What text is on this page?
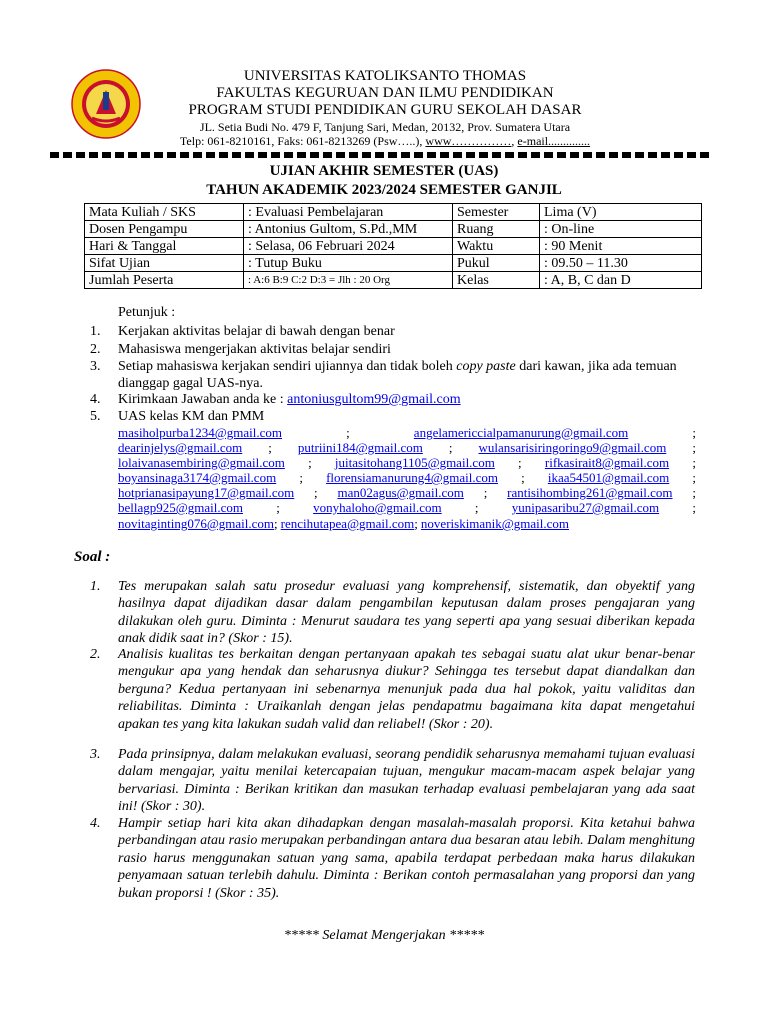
UNIVERSITAS KATOLIKSANTO THOMAS
FAKULTAS KEGURUAN DAN ILMU PENDIDIKAN
PROGRAM STUDI PENDIDIKAN GURU SEKOLAH DASAR
JL. Setia Budi No. 479 F, Tanjung Sari, Medan, 20132, Prov. Sumatera Utara
Telp: 061-8210161, Faks: 061-8213269 (Psw…..), www……………, e-mail..............
UJIAN AKHIR SEMESTER (UAS)
TAHUN AKADEMIK 2023/2024 SEMESTER GANJIL
Mata Kuliah / SKS	: Evaluasi Pembelajaran	Semester	Lima (V)
Dosen Pengampu	: Antonius Gultom, S.Pd.,MM	Ruang	: On-line
Hari & Tanggal	: Selasa, 06 Februari 2024	Waktu	: 90 Menit
Sifat Ujian	: Tutup Buku	Pukul	: 09.50 – 11.30
Jumlah Peserta	: A:6 B:9 C:2 D:3 = Jlh : 20 Org	Kelas	: A, B, C dan D
Petunjuk :
1. Kerjakan aktivitas belajar di bawah dengan benar
2. Mahasiswa mengerjakan aktivitas belajar sendiri
3. Setiap mahasiswa kerjakan sendiri ujiannya dan tidak boleh copy paste dari kawan, jika ada temuan dianggap gagal UAS-nya.
4. Kirimkaan Jawaban anda ke : antoniusgultom99@gmail.com
5. UAS kelas KM dan PMM
masiholpurba1234@gmail.com	;	angelamericcialpamanurung@gmail.com	;
dearinjelys@gmail.com ; putriini184@gmail.com ; wulansarisiringoringo9@gmail.com ;
lolaivanasembiring@gmail.com ; juitasitohang1105@gmail.com ; rifkasirait8@gmail.com ;
boyansinaga3174@gmail.com ; florensiamanurung4@gmail.com ; ikaa54501@gmail.com ;
hotprianasipayung17@gmail.com ; man02agus@gmail.com ; rantisihombing261@gmail.com ;
bellagp925@gmail.com	;	vonyhaloho@gmail.com	;	yunipasaribu27@gmail.com	;
novitaginting076@gmail.com ; rencihutapea@gmail.com ; noveriskimanik@gmail.com
Soal :
1. Tes merupakan salah satu prosedur evaluasi yang komprehensif, sistematik, dan obyektif yang hasilnya dapat dijadikan dasar dalam pengambilan keputusan dalam proses pengajaran yang dilakukan oleh guru. Diminta : Menurut saudara tes yang seperti apa yang sesuai diberikan kepada anak didik saat in? (Skor : 15).
2. Analisis kualitas tes berkaitan dengan pertanyaan apakah tes sebagai suatu alat ukur benar-benar mengukur apa yang hendak dan seharusnya diukur? Sehingga tes tersebut dapat diandalkan dan berguna? Kedua pertanyaan ini sebenarnya menunjuk pada dua hal pokok, yaitu validitas dan reliabilitas. Diminta : Uraikanlah dengan jelas pendapatmu bagaimana kita dapat mengetahui apakan tes yang kita lakukan sudah valid dan reliabel! (Skor : 20).
3. Pada prinsipnya, dalam melakukan evaluasi, seorang pendidik seharusnya memahami tujuan evaluasi dalam mengajar, yaitu menilai ketercapaian tujuan, mengukur macam-macam aspek belajar yang bervariasi. Diminta : Berikan kritikan dan masukan terhadap evaluasi pembelajaran yang ada saat ini! (Skor : 30).
4. Hampir setiap hari kita akan dihadapkan dengan masalah-masalah proporsi. Kita ketahui bahwa perbandingan atau rasio merupakan perbandingan antara dua besaran atau lebih. Dalam menghitung rasio harus menggunakan satuan yang sama, apabila terdapat perbedaan maka harus dilakukan penyamaan satuan terlebih dahulu. Diminta : Berikan contoh permasalahan yang proporsi dan yang bukan proporsi ! (Skor : 35).
***** Selamat Mengerjakan *****
